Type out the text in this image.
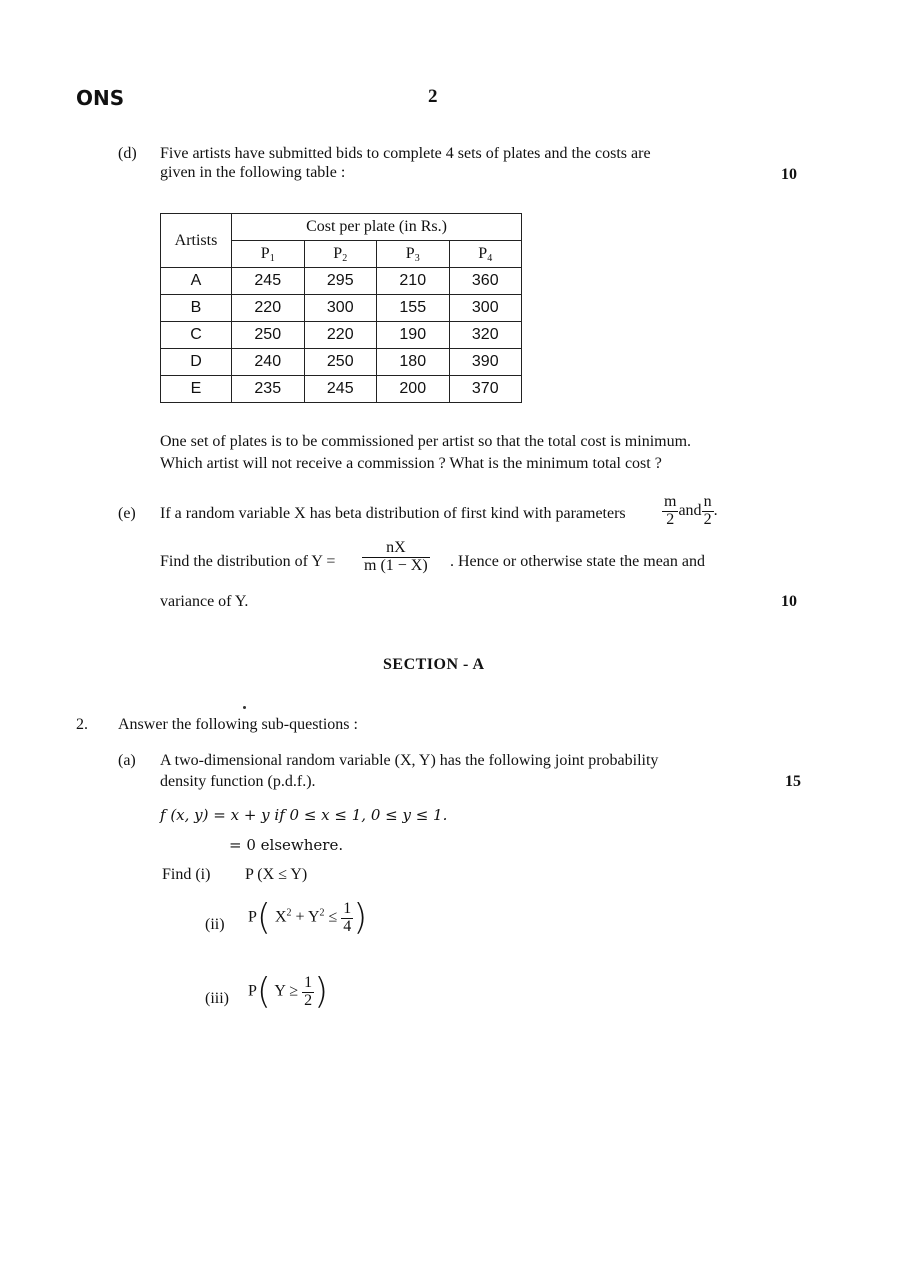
ONS	2
(d) Five artists have submitted bids to complete 4 sets of plates and the costs are
given in the following table :	10
Artists	Cost per plate (in Rs.)			
	$P_1$	$P_2$	$P_3$	$P_4$
A	245	295	210	360
B	220	300	155	300
C	250	220	190	320
D	240	250	180	390
E	235	245	200	370
One set of plates is to be commissioned per artist so that the total cost is minimum.
Which artist will not receive a commission ? What is the minimum total cost ?
(e) If a random variable X has beta distribution of first kind with parameters $\frac{m}{2}$ and $\frac{n}{2}$ .
Find the distribution of $Y = \frac{nX}{m (1 - X)}$ . Hence or otherwise state the mean and
variance of Y.	10
SECTION - A
2. Answer the following sub-questions :
(a) A two-dimensional random variable (X, Y) has the following joint probability
density function (p.d.f.).	15
f (x, y) = x + y if 0 ≤ x ≤ 1, 0 ≤ y ≤ 1.
= 0 elsewhere.
Find (i) P (X ≤ Y)
(ii) P( $X^2 + Y^2 \le \frac{1}{4}$ )
(iii) P( $Y \ge \frac{1}{2}$ )
